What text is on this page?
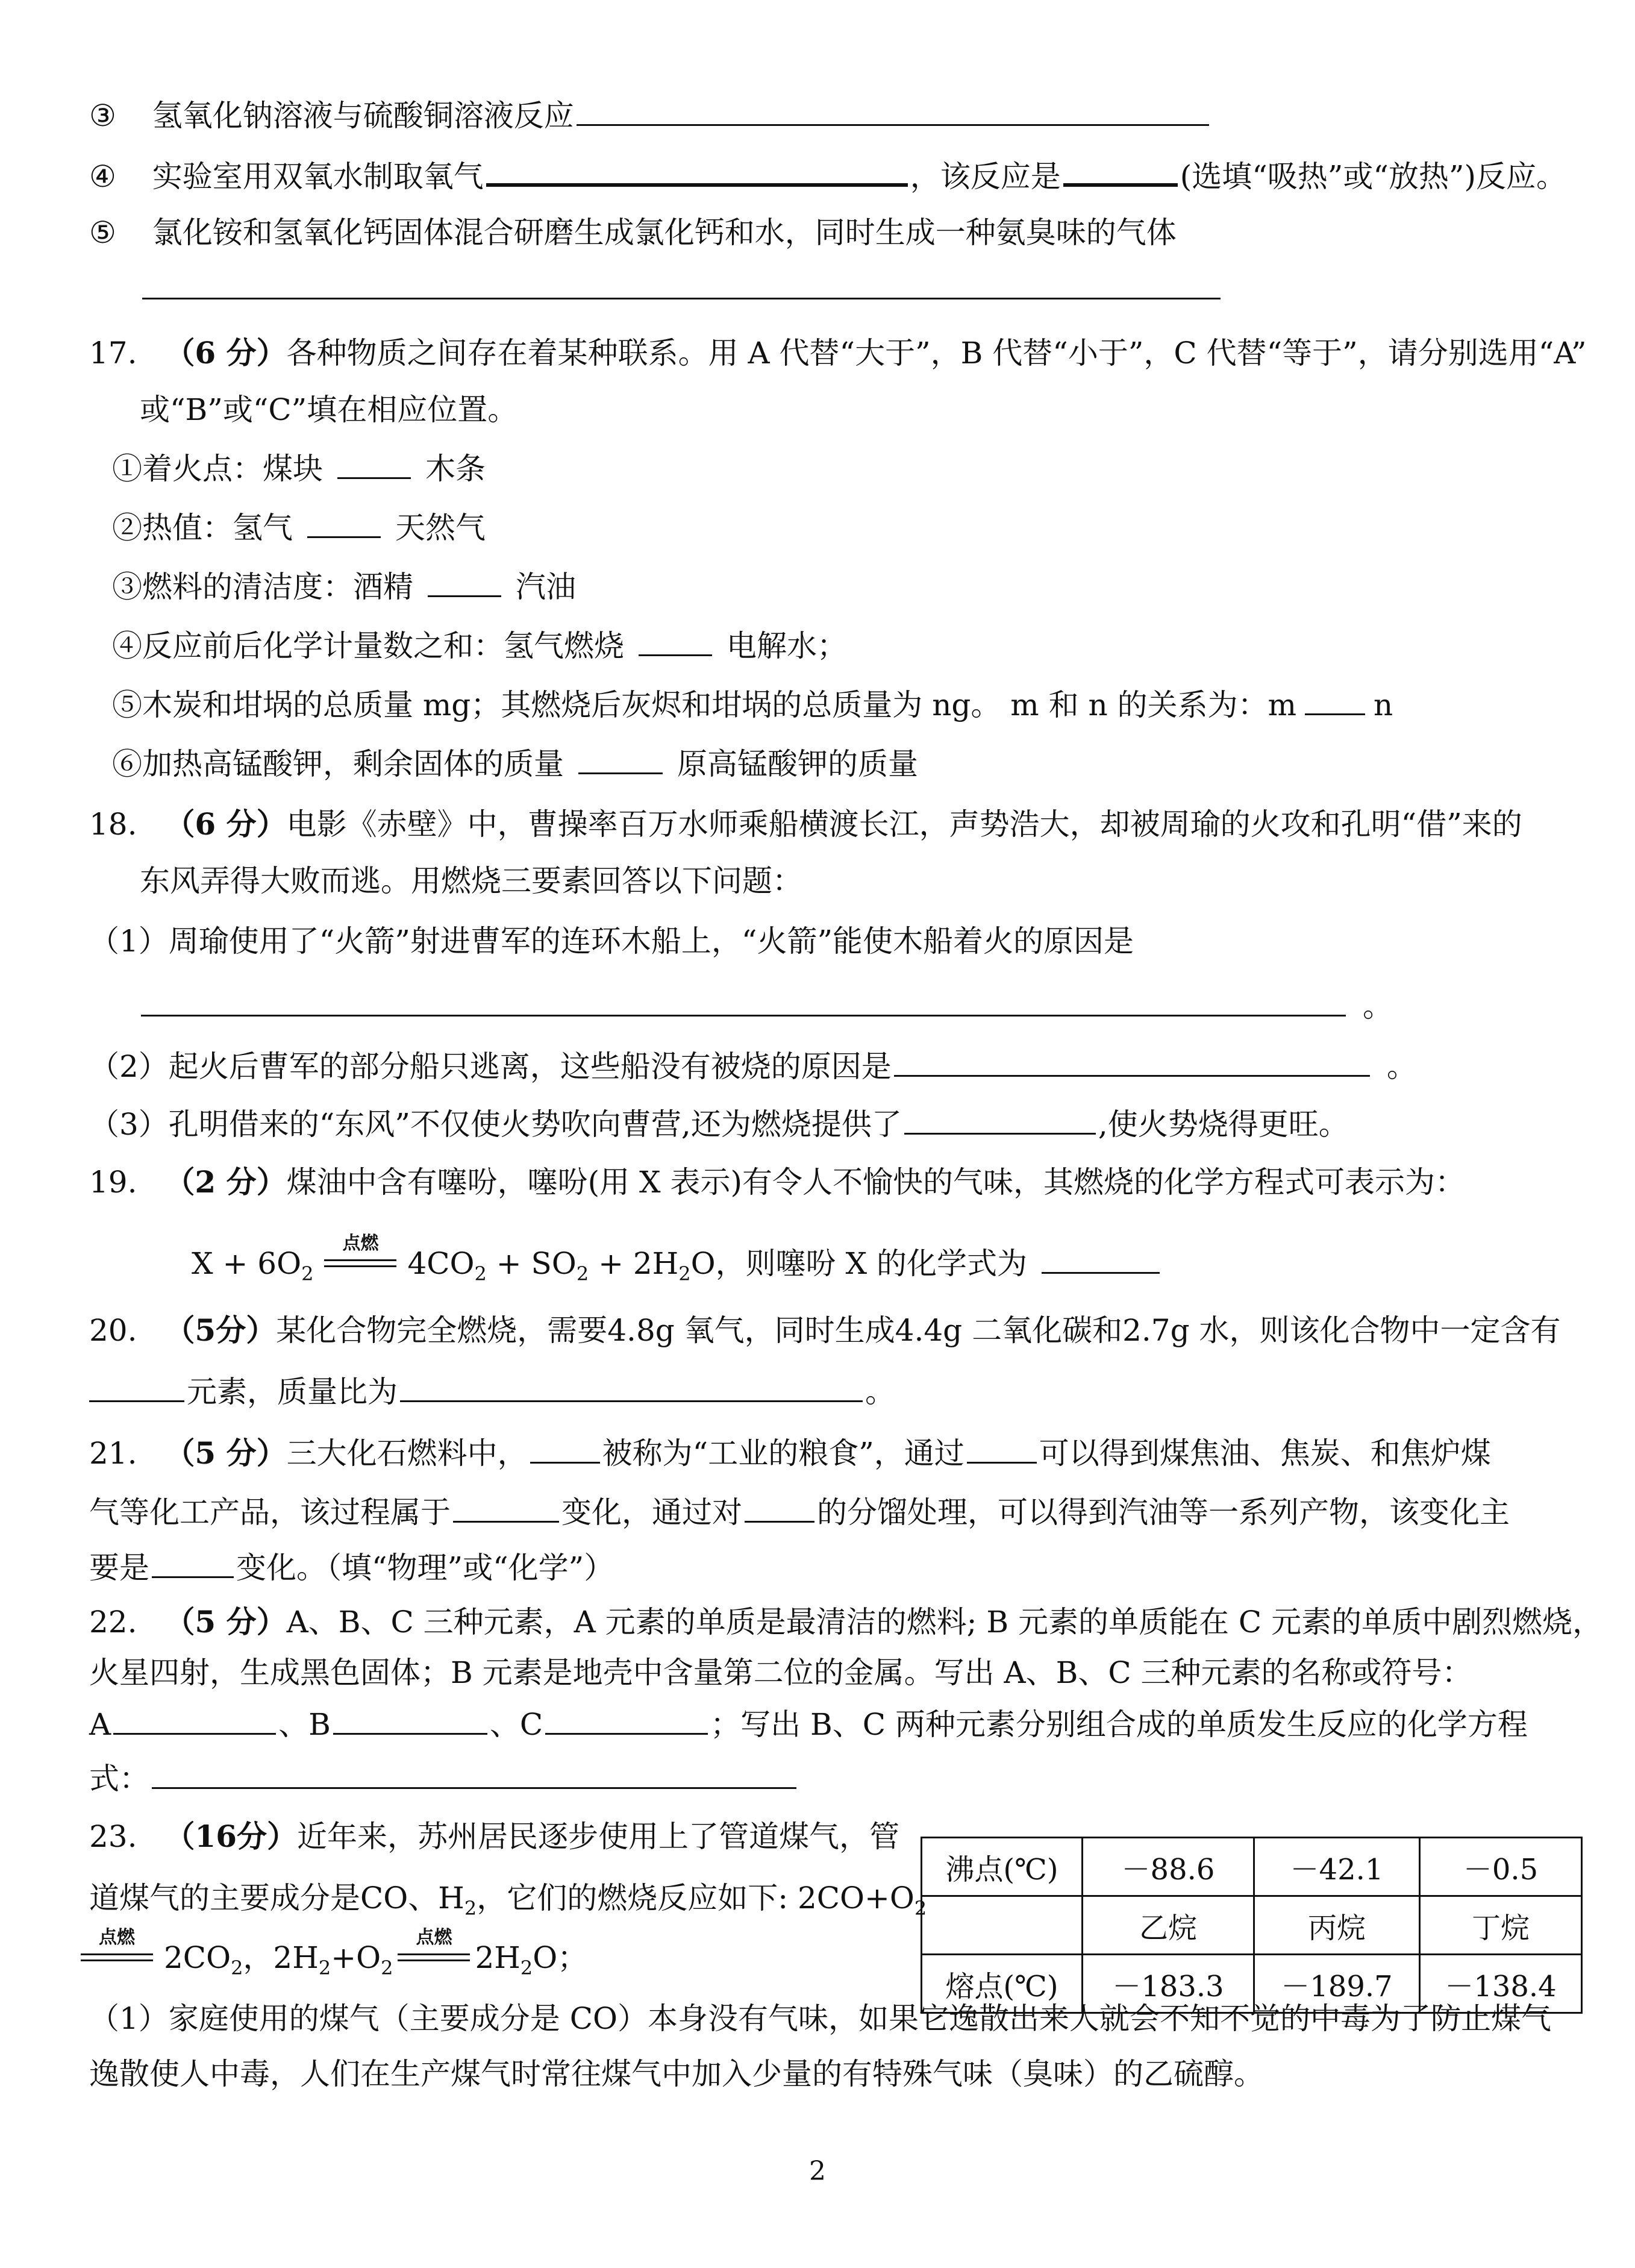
③ 氢氧化钠溶液与硫酸铜溶液反应
④ 实验室用双氧水制取氧气	，该反应是	(选填“吸热”或“放热”)反应。
⑤ 氯化铵和氢氧化钙固体混合研磨生成氯化钙和水，同时生成一种氨臭味的气体
17. （6 分）各种物质之间存在着某种联系。用 A 代替“大于”，B 代替“小于”，C 代替“等于”，请分别选用“A”
或“B”或“C”填在相应位置。
①着火点：煤块	木条
②热值：氢气	天然气
③燃料的清洁度：酒精	汽油
④反应前后化学计量数之和：氢气燃烧	电解水；
⑤木炭和坩埚的总质量 mg；其燃烧后灰烬和坩埚的总质量为 ng。 m 和 n 的关系为：m	n
⑥加热高锰酸钾，剩余固体的质量	原高锰酸钾的质量
18. （6 分）电影《赤壁》中，曹操率百万水师乘船横渡长江，声势浩大，却被周瑜的火攻和孔明“借”来的
东风弄得大败而逃。用燃烧三要素回答以下问题：
（1）周瑜使用了“火箭”射进曹军的连环木船上，“火箭”能使木船着火的原因是
。
（2）起火后曹军的部分船只逃离，这些船没有被烧的原因是	。
（3）孔明借来的“东风”不仅使火势吹向曹营,还为燃烧提供了	,使火势烧得更旺。
19. （2 分）煤油中含有噻吩，噻吩(用 X 表示)有令人不愉快的气味，其燃烧的化学方程式可表示为：
$X + 6O_2$
点燃
$4CO_2 + SO_2 + 2H_2O$，则噻吩 X 的化学式为
20. （5分）某化合物完全燃烧，需要4.8g 氧气，同时生成4.4g 二氧化碳和2.7g 水，则该化合物中一定含有
元素，质量比为	。
21. （5 分）三大化石燃料中， 被称为“工业的粮食”，通过 可以得到煤焦油、焦炭、和焦炉煤
气等化工产品，该过程属于	变化，通过对 的分馏处理，可以得到汽油等一系列产物，该变化主
要是	变化。（填“物理”或“化学”）
22. （5 分）A、B、C 三种元素，A 元素的单质是最清洁的燃料; B 元素的单质能在 C 元素的单质中剧烈燃烧，
火星四射，生成黑色固体；B 元素是地壳中含量第二位的金属。写出 A、B、C 三种元素的名称或符号：
A	、B	、C	；写出 B、C 两种元素分别组合成的单质发生反应的化学方程
式：
23. （16分）近年来，苏州居民逐步使用上了管道煤气，管
道煤气的主要成分是CO、$H_2$，它们的燃烧反应如下: $2CO+O_2$
点燃
$2CO_2$，$2H_2+O_2$
点燃
$2H_2O$；
沸点(℃)	－88.6	－42.1	－0.5
	乙烷	丙烷	丁烷
熔点(℃)	－183.3	－189.7	－138.4
（1）家庭使用的煤气（主要成分是 CO）本身没有气味，如果它逸散出来人就会不知不觉的中毒为了防止煤气
逸散使人中毒，人们在生产煤气时常往煤气中加入少量的有特殊气味（臭味）的乙硫醇。
2
